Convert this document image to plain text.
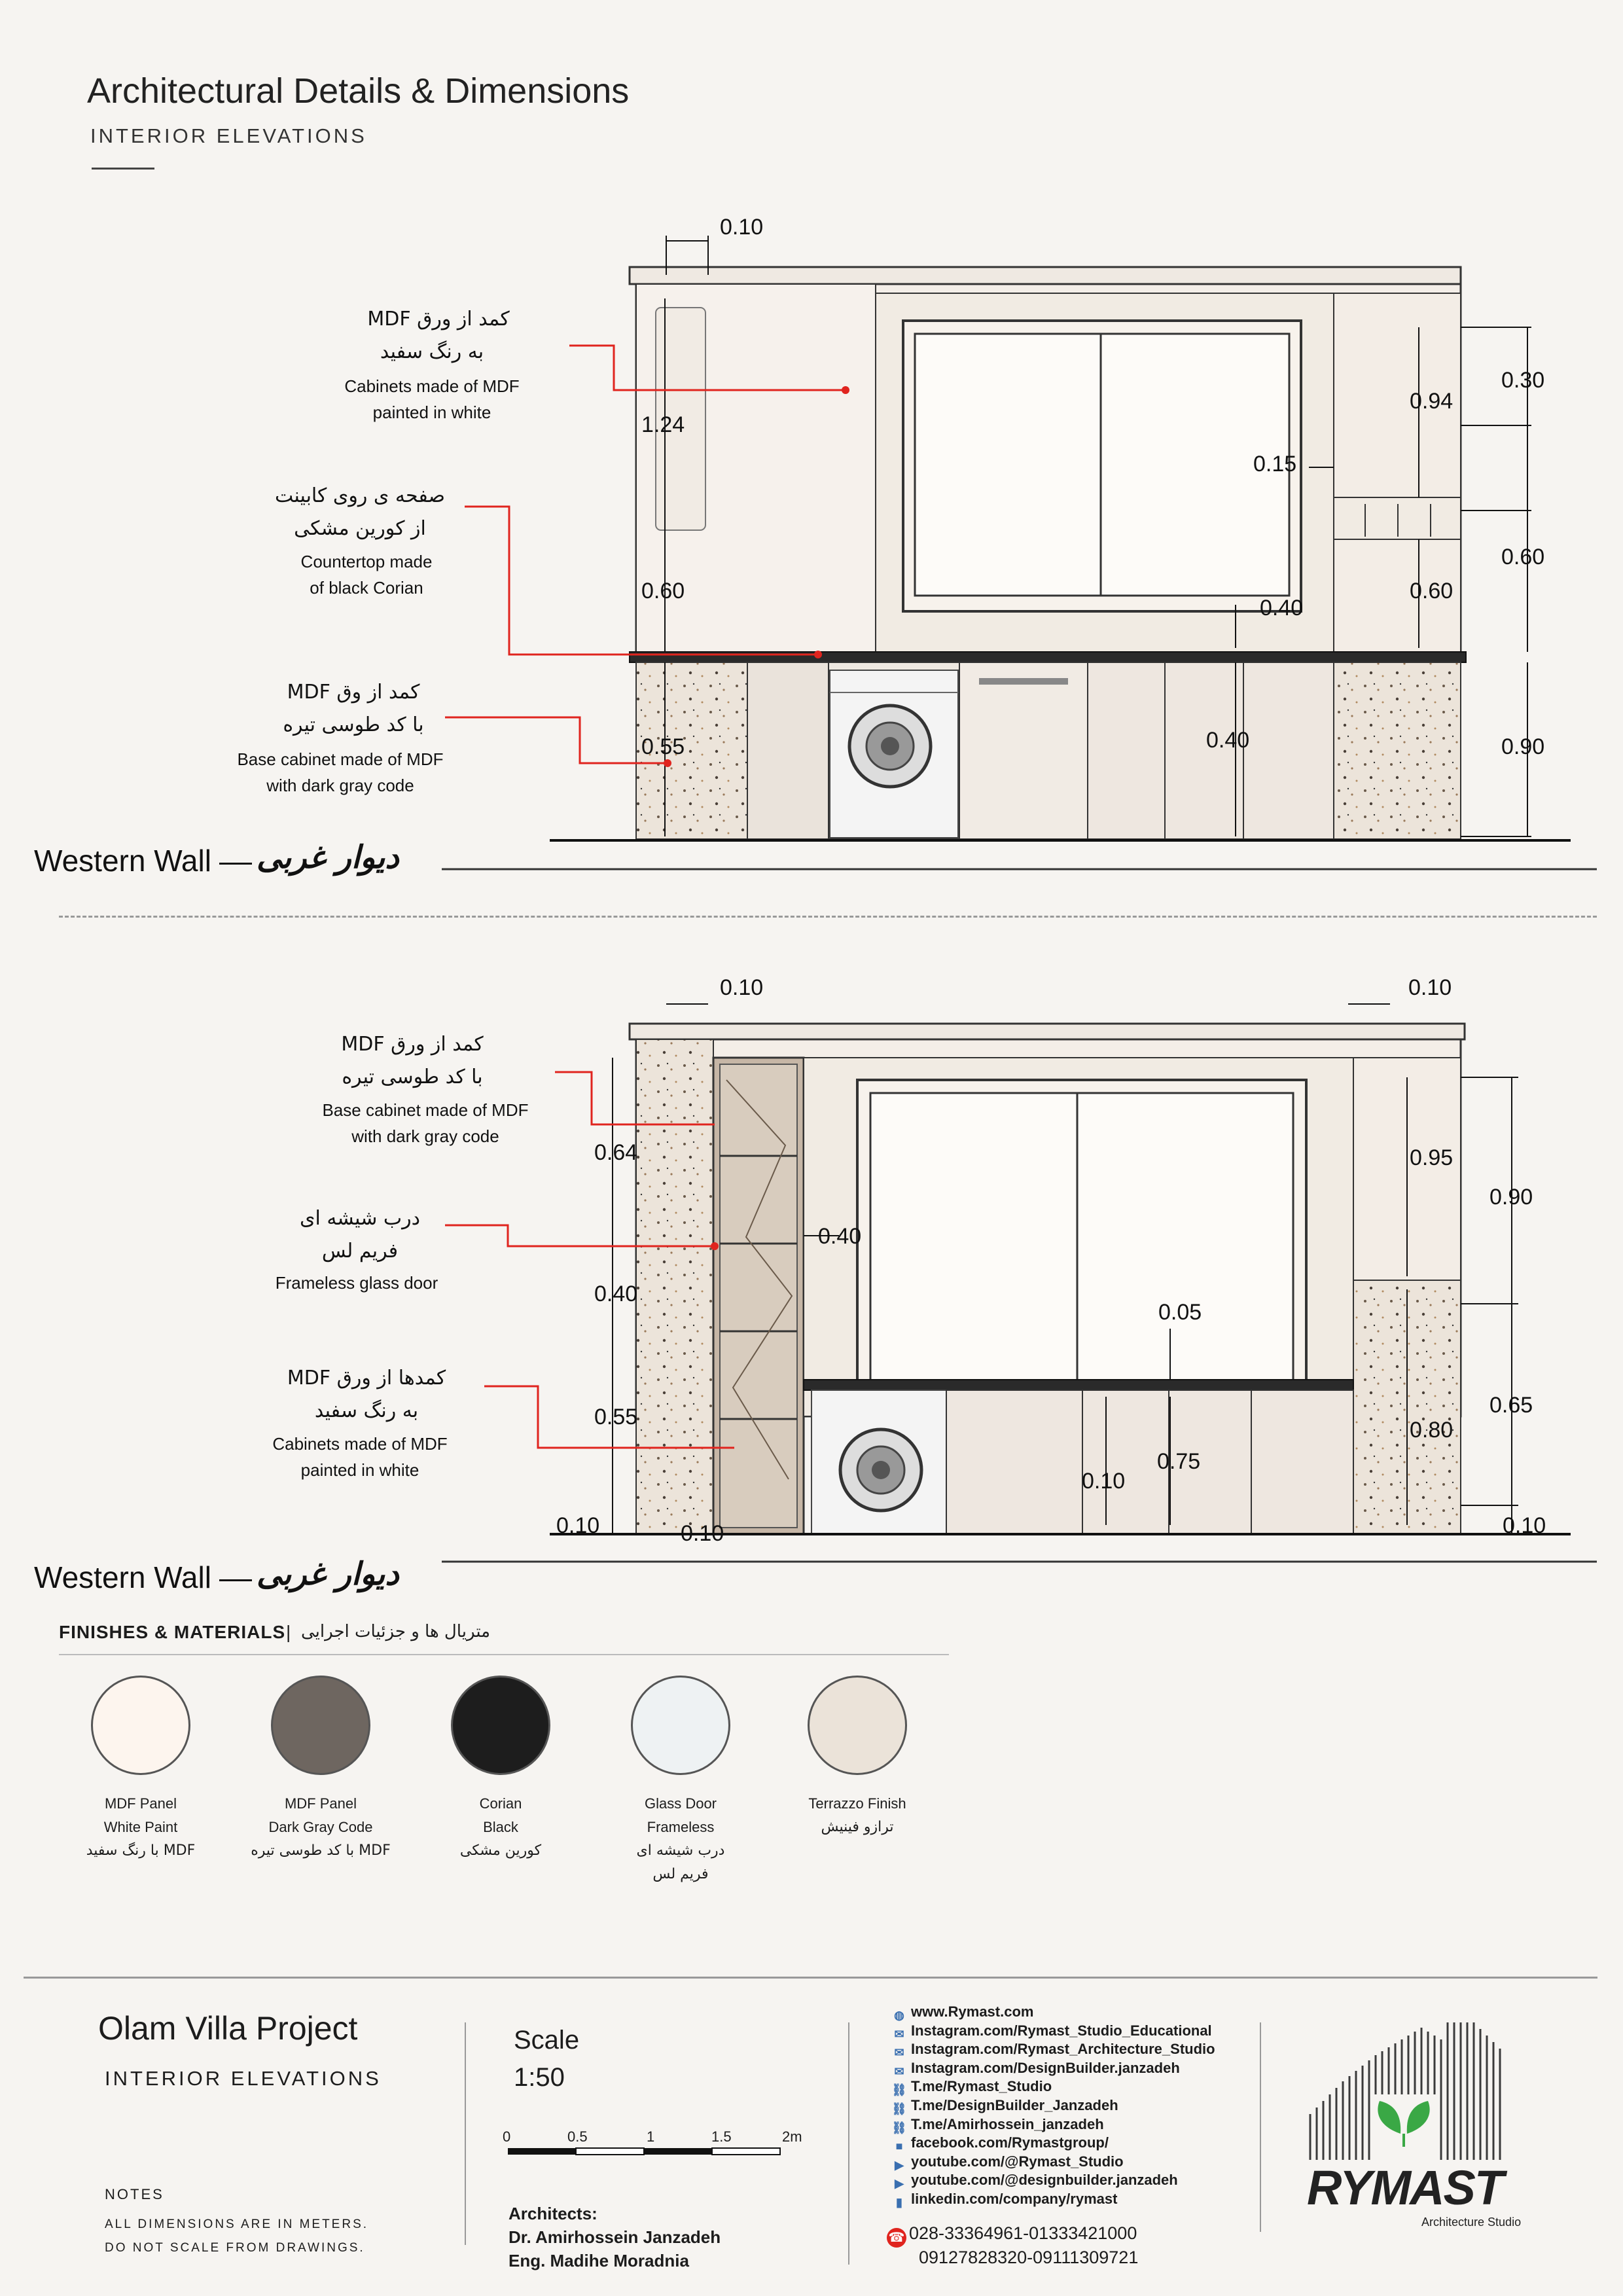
Architectural Details & Dimensions
INTERIOR ELEVATIONS
0.10
1.24
0.60
0.55
0.15
0.40
0.40
0.94
0.60
0.30
0.60
0.90
کمد از ورق MDF
به رنگ سفید
Cabinets made of MDF
painted in white
صفحه ی روی کابینت
از کورین مشکی
Countertop made
of black Corian
کمد از وق MDF
با کد طوسی تیره
Base cabinet made of MDF
with dark gray code
Western Wall دیوار غربی
0.10	0.10
0.64
0.40
0.55
0.10	0.10
0.40
0.05
0.10
0.75
0.95
0.80
0.90
0.65
0.10
کمد از ورق MDF
با کد طوسی تیره
Base cabinet made of MDF
with dark gray code
درب شیشه ای
فریم لس
Frameless glass door
کمدها از ورق MDF
به رنگ سفید
Cabinets made of MDF
painted in white
Western Wall دیوار غربی
FINISHES & MATERIALS | متریال ها و جزئیات اجرایی
MDF Panel
White Paint
MDF با رنگ سفید
MDF Panel
Dark Gray Code
MDF با کد طوسی تیره
Corian
Black
کورین مشکی
Glass Door
Frameless
درب شیشه ای
فریم لس
Terrazzo Finish
ترازو فینیش
Olam Villa Project
INTERIOR ELEVATIONS
NOTES
ALL DIMENSIONS ARE IN METERS.
DO NOT SCALE FROM DRAWINGS.
Scale
1:50
0	0.5	1	1.5	2m
Architects:
Dr. Amirhossein Janzadeh
Eng. Madihe Moradnia
◍ www.Rymast.com
✉ Instagram.com/Rymast_Studio_Educational
✉ Instagram.com/Rymast_Architecture_Studio
✉ Instagram.com/DesignBuilder.janzadeh
⛓ T.me/Rymast_Studio
⛓ T.me/DesignBuilder_Janzadeh
⛓ T.me/Amirhossein_janzadeh
■ facebook.com/Rymastgroup/
▶ youtube.com/@Rymast_Studio
▶ youtube.com/@designbuilder.janzadeh
▮ linkedin.com/company/rymast
☎ 028-33364961-01333421000
09127828320-09111309721
RYMAST
Architecture Studio
